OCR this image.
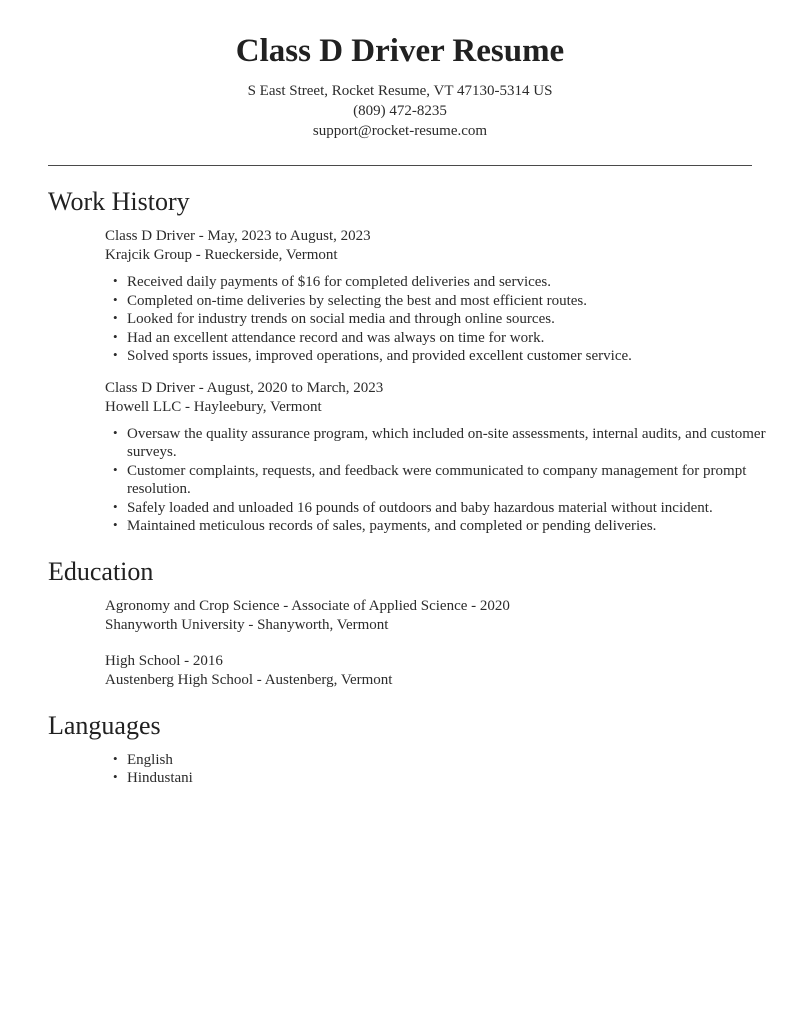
Class D Driver Resume
S East Street, Rocket Resume, VT 47130-5314 US
(809) 472-8235
support@rocket-resume.com
Work History
Class D Driver - May, 2023 to August, 2023
Krajcik Group - Rueckerside, Vermont
• Received daily payments of $16 for completed deliveries and services.
• Completed on-time deliveries by selecting the best and most efficient routes.
• Looked for industry trends on social media and through online sources.
• Had an excellent attendance record and was always on time for work.
• Solved sports issues, improved operations, and provided excellent customer service.
Class D Driver - August, 2020 to March, 2023
Howell LLC - Hayleebury, Vermont
• Oversaw the quality assurance program, which included on-site assessments, internal audits, and customer surveys.
• Customer complaints, requests, and feedback were communicated to company management for prompt resolution.
• Safely loaded and unloaded 16 pounds of outdoors and baby hazardous material without incident.
• Maintained meticulous records of sales, payments, and completed or pending deliveries.
Education
Agronomy and Crop Science - Associate of Applied Science - 2020
Shanyworth University - Shanyworth, Vermont
High School - 2016
Austenberg High School - Austenberg, Vermont
Languages
• English
• Hindustani
